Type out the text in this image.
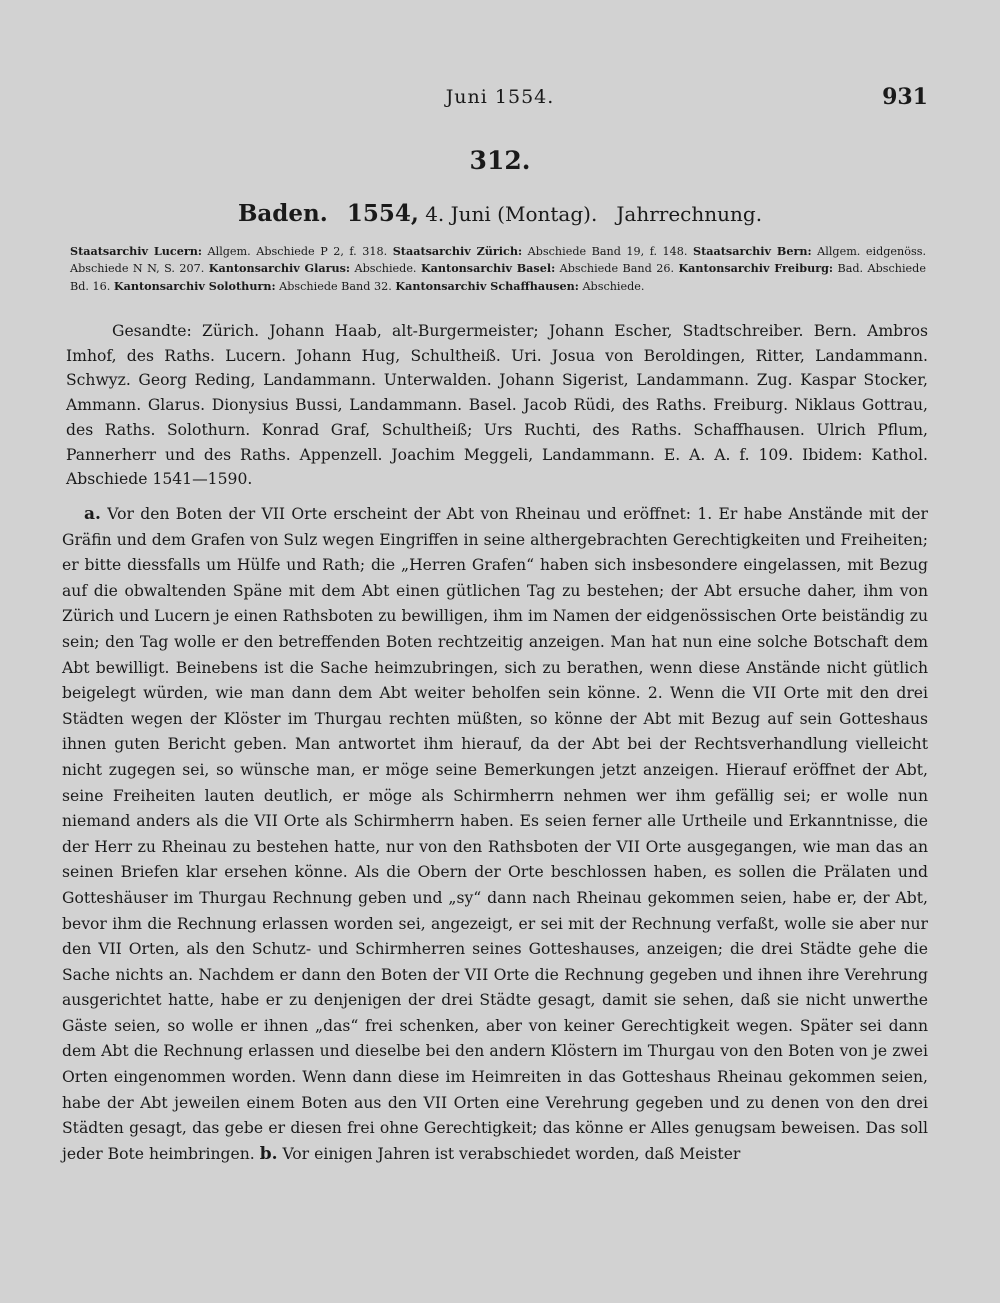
Juni 1554.	931
312.
Baden. 1554, 4. Juni (Montag). Jahrrechnung.
Staatsarchiv Lucern: Allgem. Abschiede P 2, f. 318. Staatsarchiv Zürich: Abschiede Band 19, f. 148. Staatsarchiv Bern: Allgem. eidgenöss. Abschiede N N, S. 207. Kantonsarchiv Glarus: Abschiede. Kantonsarchiv Basel: Abschiede Band 26. Kantonsarchiv Freiburg: Bad. Abschiede Bd. 16. Kantonsarchiv Solothurn: Abschiede Band 32. Kantonsarchiv Schaffhausen: Abschiede.
Gesandte: Zürich. Johann Haab, alt-Burgermeister; Johann Escher, Stadtschreiber. Bern. Ambros Imhof, des Raths. Lucern. Johann Hug, Schultheiß. Uri. Josua von Beroldingen, Ritter, Landammann. Schwyz. Georg Reding, Landammann. Unterwalden. Johann Sigerist, Landammann. Zug. Kaspar Stocker, Ammann. Glarus. Dionysius Bussi, Landammann. Basel. Jacob Rüdi, des Raths. Freiburg. Niklaus Gottrau, des Raths. Solothurn. Konrad Graf, Schultheiß; Urs Ruchti, des Raths. Schaffhausen. Ulrich Pflum, Pannerherr und des Raths. Appenzell. Joachim Meggeli, Landammann. E. A. A. f. 109. Ibidem: Kathol. Abschiede 1541—1590.
a. Vor den Boten der VII Orte erscheint der Abt von Rheinau und eröffnet: 1. Er habe Anstände mit der Gräfin und dem Grafen von Sulz wegen Eingriffen in seine althergebrachten Gerechtigkeiten und Freiheiten; er bitte diessfalls um Hülfe und Rath; die „Herren Grafen“ haben sich insbesondere eingelassen, mit Bezug auf die obwaltenden Späne mit dem Abt einen gütlichen Tag zu bestehen; der Abt ersuche daher, ihm von Zürich und Lucern je einen Rathsboten zu bewilligen, ihm im Namen der eidgenössischen Orte beiständig zu sein; den Tag wolle er den betreffenden Boten rechtzeitig anzeigen. Man hat nun eine solche Botschaft dem Abt bewilligt. Beinebens ist die Sache heimzubringen, sich zu berathen, wenn diese Anstände nicht gütlich beigelegt würden, wie man dann dem Abt weiter beholfen sein könne. 2. Wenn die VII Orte mit den drei Städten wegen der Klöster im Thurgau rechten müßten, so könne der Abt mit Bezug auf sein Gotteshaus ihnen guten Bericht geben. Man antwortet ihm hierauf, da der Abt bei der Rechtsverhandlung vielleicht nicht zugegen sei, so wünsche man, er möge seine Bemerkungen jetzt anzeigen. Hierauf eröffnet der Abt, seine Freiheiten lauten deutlich, er möge als Schirmherrn nehmen wer ihm gefällig sei; er wolle nun niemand anders als die VII Orte als Schirmherrn haben. Es seien ferner alle Urtheile und Erkanntnisse, die der Herr zu Rheinau zu bestehen hatte, nur von den Rathsboten der VII Orte ausgegangen, wie man das an seinen Briefen klar ersehen könne. Als die Obern der Orte beschlossen haben, es sollen die Prälaten und Gotteshäuser im Thurgau Rechnung geben und „sy“ dann nach Rheinau gekommen seien, habe er, der Abt, bevor ihm die Rechnung erlassen worden sei, angezeigt, er sei mit der Rechnung verfaßt, wolle sie aber nur den VII Orten, als den Schutz- und Schirmherren seines Gotteshauses, anzeigen; die drei Städte gehe die Sache nichts an. Nachdem er dann den Boten der VII Orte die Rechnung gegeben und ihnen ihre Verehrung ausgerichtet hatte, habe er zu denjenigen der drei Städte gesagt, damit sie sehen, daß sie nicht unwerthe Gäste seien, so wolle er ihnen „das“ frei schenken, aber von keiner Gerechtigkeit wegen. Später sei dann dem Abt die Rechnung erlassen und dieselbe bei den andern Klöstern im Thurgau von den Boten von je zwei Orten eingenommen worden. Wenn dann diese im Heimreiten in das Gotteshaus Rheinau gekommen seien, habe der Abt jeweilen einem Boten aus den VII Orten eine Verehrung gegeben und zu denen von den drei Städten gesagt, das gebe er diesen frei ohne Gerechtigkeit; das könne er Alles genugsam beweisen. Das soll jeder Bote heimbringen. b. Vor einigen Jahren ist verabschiedet worden, daß Meister
